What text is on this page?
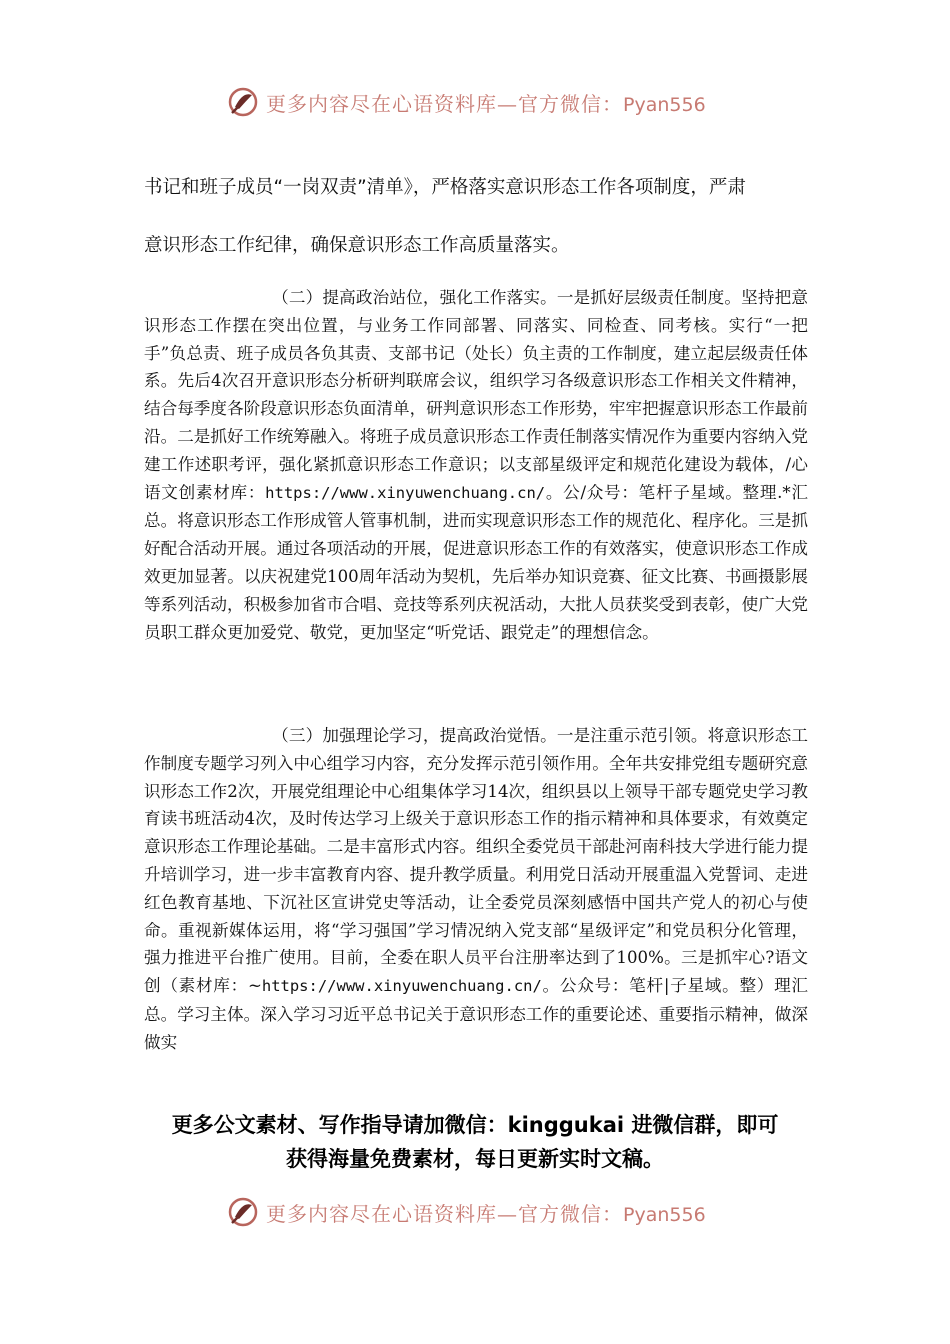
更多内容尽在心语资料库—官方微信：Pyan556
书记和班子成员“一岗双责”清单》，严格落实意识形态工作各项制度，严肃
意识形态工作纪律，确保意识形态工作高质量落实。
（二）提高政治站位，强化工作落实。一是抓好层级责任制度。坚持把意识形态工作摆在突出位置，与业务工作同部署、同落实、同检查、同考核。实行“一把手”负总责、班子成员各负其责、支部书记（处长）负主责的工作制度，建立起层级责任体系。先后4次召开意识形态分析研判联席会议，组织学习各级意识形态工作相关文件精神，结合每季度各阶段意识形态负面清单，研判意识形态工作形势，牢牢把握意识形态工作最前沿。二是抓好工作统筹融入。将班子成员意识形态工作责任制落实情况作为重要内容纳入党建工作述职考评，强化紧抓意识形态工作意识；以支部星级评定和规范化建设为载体，/心语文创素材库：https://www.xinyuwenchuang.cn/。公/众号：笔杆子星域。整理.*汇总。将意识形态工作形成管人管事机制，进而实现意识形态工作的规范化、程序化。三是抓好配合活动开展。通过各项活动的开展，促进意识形态工作的有效落实，使意识形态工作成效更加显著。以庆祝建党100周年活动为契机，先后举办知识竞赛、征文比赛、书画摄影展等系列活动，积极参加省市合唱、竞技等系列庆祝活动，大批人员获奖受到表彰，使广大党员职工群众更加爱党、敬党，更加坚定“听党话、跟党走”的理想信念。
（三）加强理论学习，提高政治觉悟。一是注重示范引领。将意识形态工作制度专题学习列入中心组学习内容，充分发挥示范引领作用。全年共安排党组专题研究意识形态工作2次，开展党组理论中心组集体学习14次，组织县以上领导干部专题党史学习教育读书班活动4次，及时传达学习上级关于意识形态工作的指示精神和具体要求，有效奠定意识形态工作理论基础。二是丰富形式内容。组织全委党员干部赴河南科技大学进行能力提升培训学习，进一步丰富教育内容、提升教学质量。利用党日活动开展重温入党誓词、走进红色教育基地、下沉社区宣讲党史等活动，让全委党员深刻感悟中国共产党人的初心与使命。重视新媒体运用，将“学习强国”学习情况纳入党支部“星级评定”和党员积分化管理，强力推进平台推广使用。目前，全委在职人员平台注册率达到了100%。三是抓牢心?语文创（素材库：~https://www.xinyuwenchuang.cn/。公众号：笔杆|子星域。整）理汇总。学习主体。深入学习习近平总书记关于意识形态工作的重要论述、重要指示精神，做深做实
更多公文素材、写作指导请加微信：kinggukai 进微信群，即可
获得海量免费素材，每日更新实时文稿。
更多内容尽在心语资料库—官方微信：Pyan556
